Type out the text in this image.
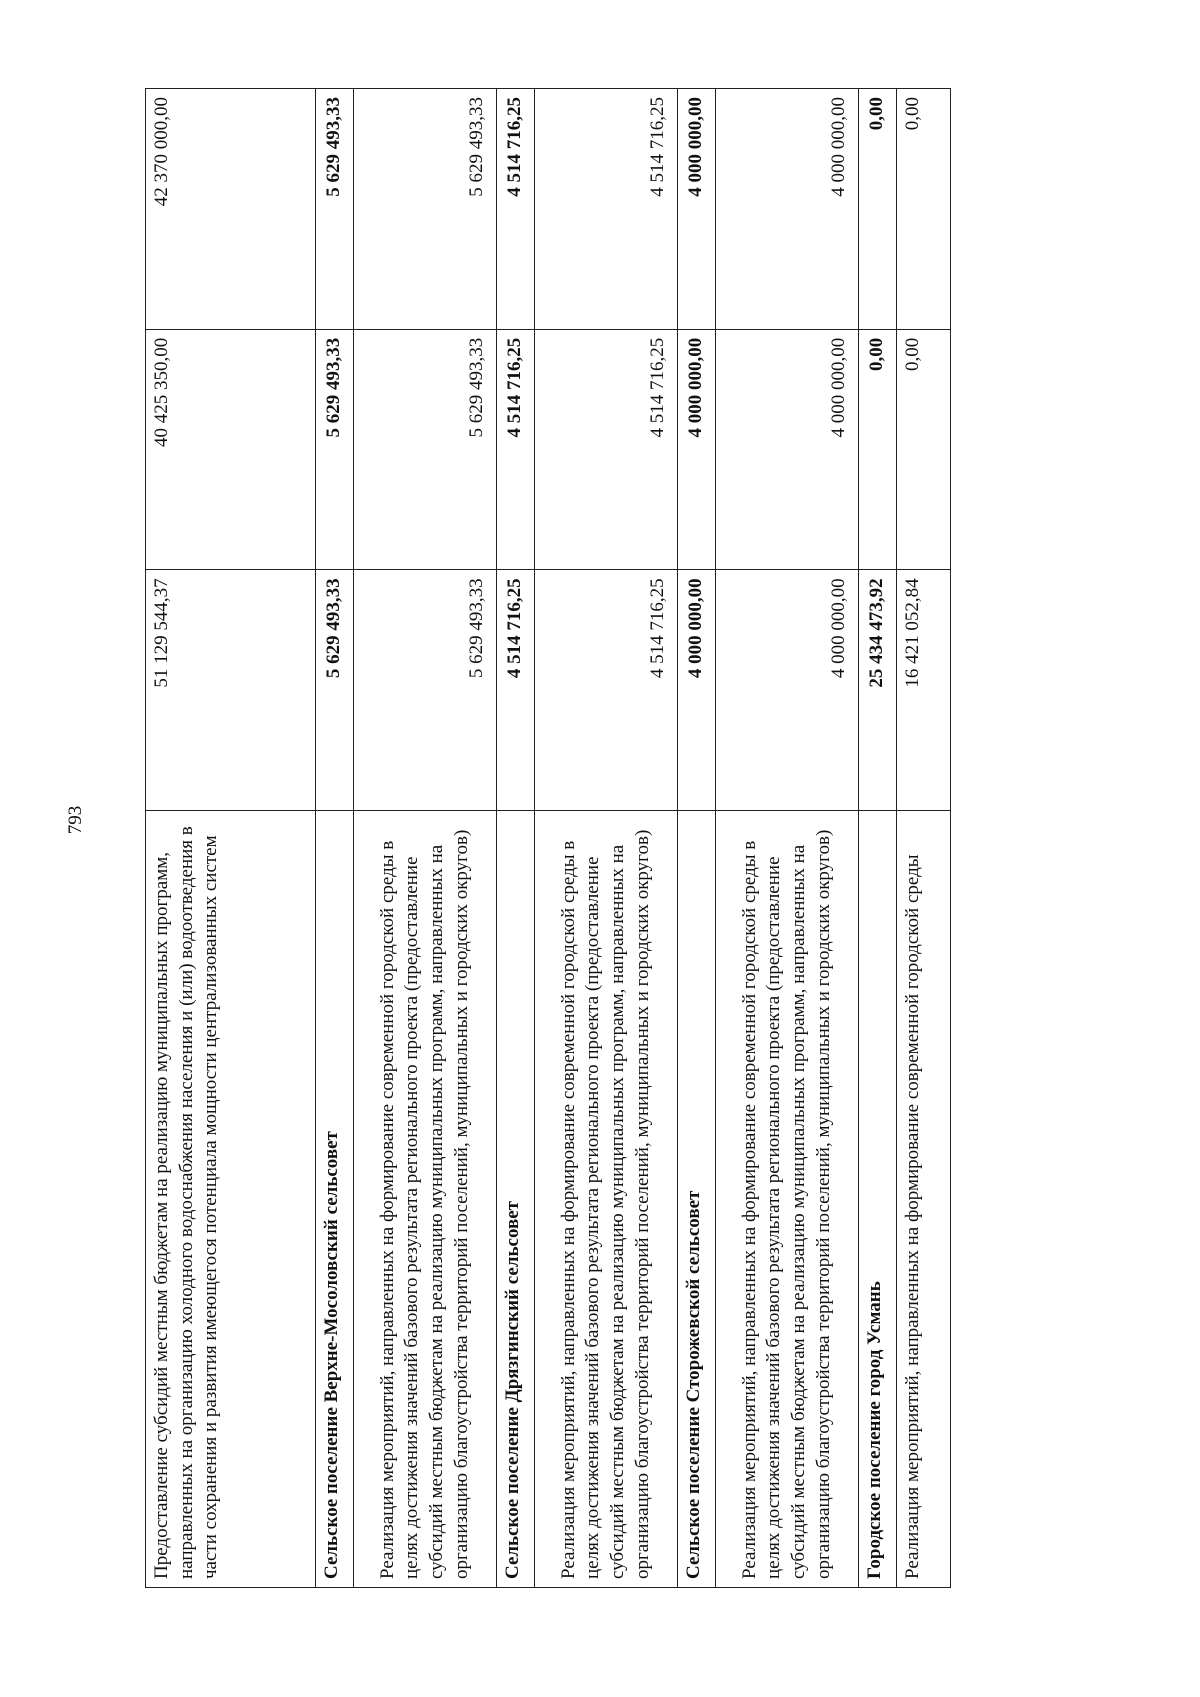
793
Предоставление субсидий местным бюджетам на реализацию муниципальных программ, направленных на организацию холодного водоснабжения населения и (или) водоотведения в части сохранения и развития имеющегося потенциала мощности централизованных систем	51 129 544,37	40 425 350,00	42 370 000,00
Сельское поселение Верхне-Мосоловский сельсовет	5 629 493,33	5 629 493,33	5 629 493,33
Реализация мероприятий, направленных на формирование современной городской среды в целях достижения значений базового результата регионального проекта (предоставление субсидий местным бюджетам на реализацию муниципальных программ, направленных на организацию благоустройства территорий поселений, муниципальных и городских округов)	5 629 493,33	5 629 493,33	5 629 493,33
Сельское поселение Дрязгинский сельсовет	4 514 716,25	4 514 716,25	4 514 716,25
Реализация мероприятий, направленных на формирование современной городской среды в целях достижения значений базового результата регионального проекта (предоставление субсидий местным бюджетам на реализацию муниципальных программ, направленных на организацию благоустройства территорий поселений, муниципальных и городских округов)	4 514 716,25	4 514 716,25	4 514 716,25
Сельское поселение Сторожевской сельсовет	4 000 000,00	4 000 000,00	4 000 000,00
Реализация мероприятий, направленных на формирование современной городской среды в целях достижения значений базового результата регионального проекта (предоставление субсидий местным бюджетам на реализацию муниципальных программ, направленных на организацию благоустройства территорий поселений, муниципальных и городских округов)	4 000 000,00	4 000 000,00	4 000 000,00
Городское поселение город Усмань	25 434 473,92	0,00	0,00
Реализация мероприятий, направленных на формирование современной городской среды	16 421 052,84	0,00	0,00
